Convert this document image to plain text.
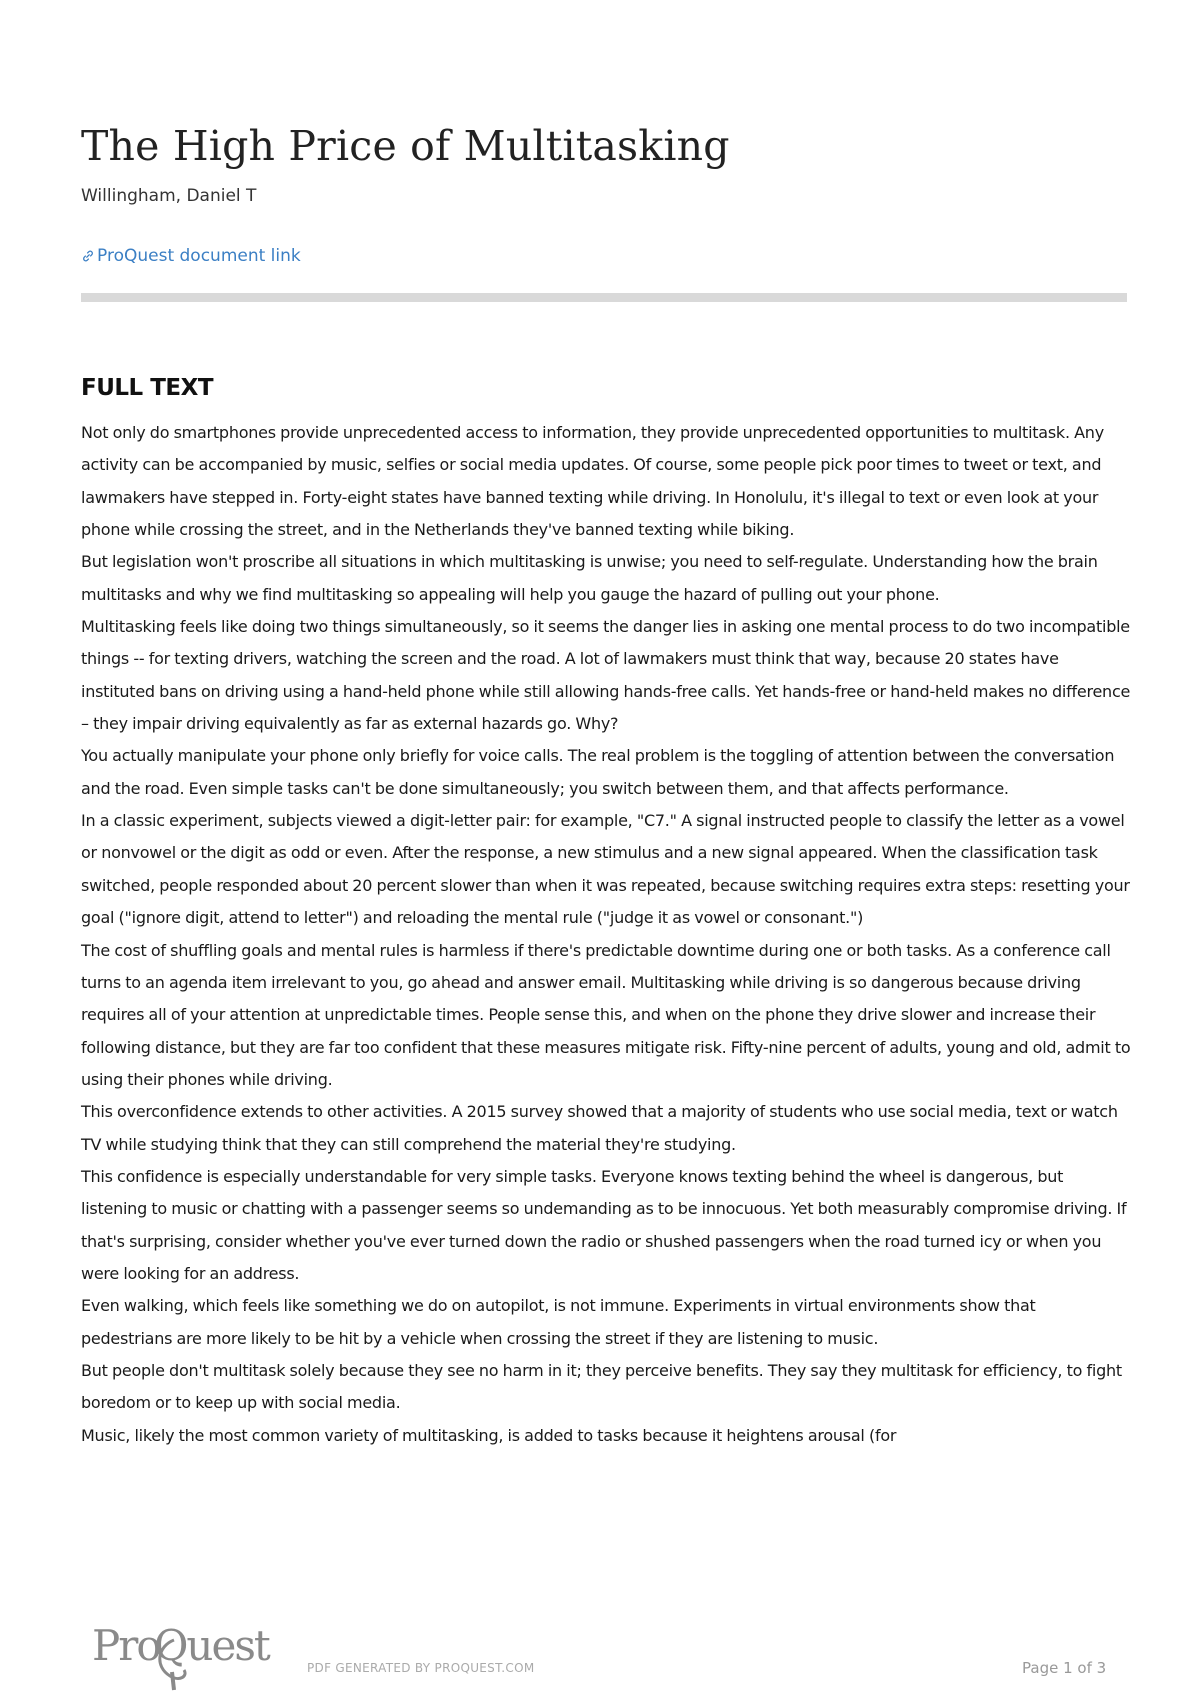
The High Price of Multitasking
Willingham, Daniel T
ProQuest document link
FULL TEXT

Not only do smartphones provide unprecedented access to information, they provide unprecedented opportunities to multitask. Any activity can be accompanied by music, selfies or social media updates. Of course, some people pick poor times to tweet or text, and lawmakers have stepped in. Forty-eight states have banned texting while driving. In Honolulu, it's illegal to text or even look at your phone while crossing the street, and in the Netherlands they've banned texting while biking.

But legislation won't proscribe all situations in which multitasking is unwise; you need to self-regulate. Understanding how the brain multitasks and why we find multitasking so appealing will help you gauge the hazard of pulling out your phone.

Multitasking feels like doing two things simultaneously, so it seems the danger lies in asking one mental process to do two incompatible things -- for texting drivers, watching the screen and the road. A lot of lawmakers must think that way, because 20 states have instituted bans on driving using a hand-held phone while still allowing hands-free calls. Yet hands-free or hand-held makes no difference – they impair driving equivalently as far as external hazards go. Why?

You actually manipulate your phone only briefly for voice calls. The real problem is the toggling of attention between the conversation and the road. Even simple tasks can't be done simultaneously; you switch between them, and that affects performance.

In a classic experiment, subjects viewed a digit-letter pair: for example, "C7." A signal instructed people to classify the letter as a vowel or nonvowel or the digit as odd or even. After the response, a new stimulus and a new signal appeared. When the classification task switched, people responded about 20 percent slower than when it was repeated, because switching requires extra steps: resetting your goal ("ignore digit, attend to letter") and reloading the mental rule ("judge it as vowel or consonant.")

The cost of shuffling goals and mental rules is harmless if there's predictable downtime during one or both tasks. As a conference call turns to an agenda item irrelevant to you, go ahead and answer email. Multitasking while driving is so dangerous because driving requires all of your attention at unpredictable times. People sense this, and when on the phone they drive slower and increase their following distance, but they are far too confident that these measures mitigate risk. Fifty-nine percent of adults, young and old, admit to using their phones while driving.

This overconfidence extends to other activities. A 2015 survey showed that a majority of students who use social media, text or watch TV while studying think that they can still comprehend the material they're studying.

This confidence is especially understandable for very simple tasks. Everyone knows texting behind the wheel is dangerous, but listening to music or chatting with a passenger seems so undemanding as to be innocuous. Yet both measurably compromise driving. If that's surprising, consider whether you've ever turned down the radio or shushed passengers when the road turned icy or when you were looking for an address.

Even walking, which feels like something we do on autopilot, is not immune. Experiments in virtual environments show that pedestrians are more likely to be hit by a vehicle when crossing the street if they are listening to music.

But people don't multitask solely because they see no harm in it; they perceive benefits. They say they multitask for efficiency, to fight boredom or to keep up with social media.

Music, likely the most common variety of multitasking, is added to tasks because it heightens arousal (for

Pro
Quest	PDF GENERATED BY PROQUEST.COM	Page 1 of 3
